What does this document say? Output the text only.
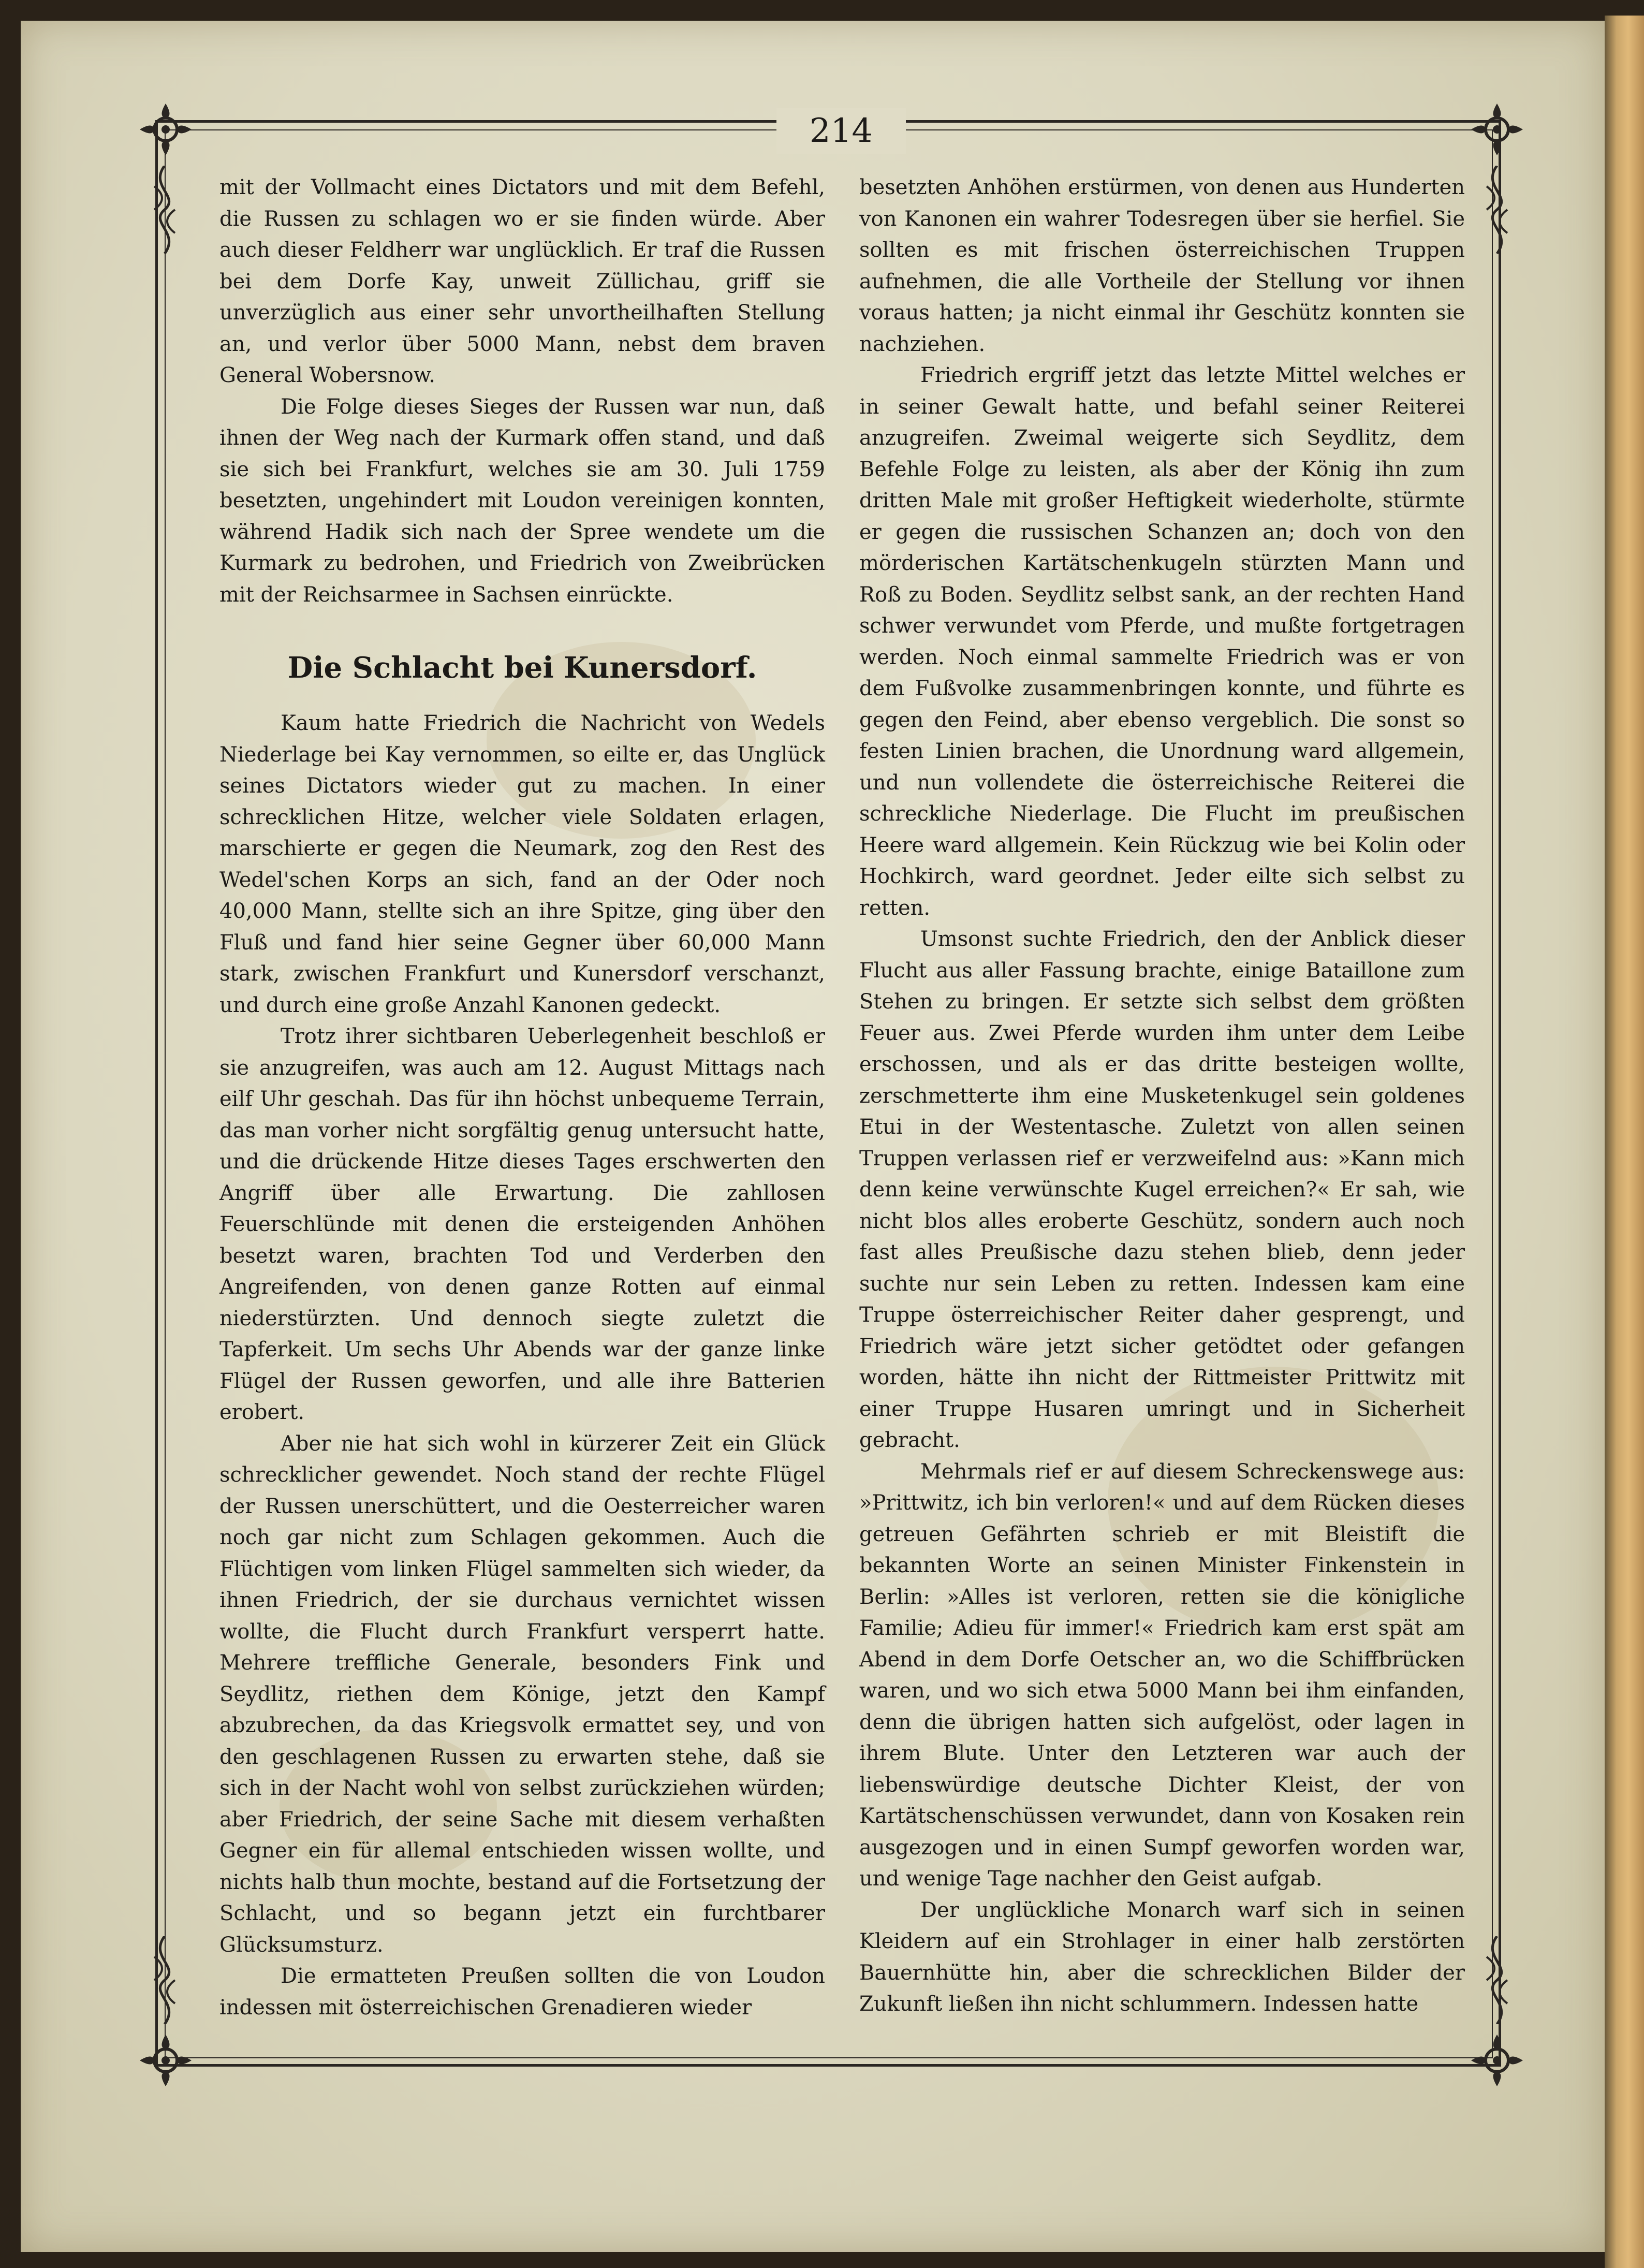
214

mit der Vollmacht eines Dictators und mit dem Befehl, die Russen zu schlagen wo er sie finden würde. Aber auch dieser Feldherr war unglücklich. Er traf die Russen bei dem Dorfe Kay, unweit Züllichau, griff sie unverzüglich aus einer sehr unvortheilhaften Stellung an, und verlor über 5000 Mann, nebst dem braven General Wobersnow.

Die Folge dieses Sieges der Russen war nun, daß ihnen der Weg nach der Kurmark offen stand, und daß sie sich bei Frankfurt, welches sie am 30. Juli 1759 besetzten, ungehindert mit Loudon vereinigen konnten, während Hadik sich nach der Spree wendete um die Kurmark zu bedrohen, und Friedrich von Zweibrücken mit der Reichsarmee in Sachsen einrückte.

Die Schlacht bei Kunersdorf.

Kaum hatte Friedrich die Nachricht von Wedels Niederlage bei Kay vernommen, so eilte er, das Unglück seines Dictators wieder gut zu machen. In einer schrecklichen Hitze, welcher viele Soldaten erlagen, marschierte er gegen die Neumark, zog den Rest des Wedel'schen Korps an sich, fand an der Oder noch 40,000 Mann, stellte sich an ihre Spitze, ging über den Fluß und fand hier seine Gegner über 60,000 Mann stark, zwischen Frankfurt und Kunersdorf verschanzt, und durch eine große Anzahl Kanonen gedeckt.

Trotz ihrer sichtbaren Ueberlegenheit beschloß er sie anzugreifen, was auch am 12. August Mittags nach eilf Uhr geschah. Das für ihn höchst unbequeme Terrain, das man vorher nicht sorgfältig genug untersucht hatte, und die drückende Hitze dieses Tages erschwerten den Angriff über alle Erwartung. Die zahllosen Feuerschlünde mit denen die ersteigenden Anhöhen besetzt waren, brachten Tod und Verderben den Angreifenden, von denen ganze Rotten auf einmal niederstürzten. Und dennoch siegte zuletzt die Tapferkeit. Um sechs Uhr Abends war der ganze linke Flügel der Russen geworfen, und alle ihre Batterien erobert.

Aber nie hat sich wohl in kürzerer Zeit ein Glück schrecklicher gewendet. Noch stand der rechte Flügel der Russen unerschüttert, und die Oesterreicher waren noch gar nicht zum Schlagen gekommen. Auch die Flüchtigen vom linken Flügel sammelten sich wieder, da ihnen Friedrich, der sie durchaus vernichtet wissen wollte, die Flucht durch Frankfurt versperrt hatte. Mehrere treffliche Generale, besonders Fink und Seydlitz, riethen dem Könige, jetzt den Kampf abzubrechen, da das Kriegsvolk ermattet sey, und von den geschlagenen Russen zu erwarten stehe, daß sie sich in der Nacht wohl von selbst zurückziehen würden; aber Friedrich, der seine Sache mit diesem verhaßten Gegner ein für allemal entschieden wissen wollte, und nichts halb thun mochte, bestand auf die Fortsetzung der Schlacht, und so begann jetzt ein furchtbarer Glücksumsturz.

Die ermatteten Preußen sollten die von Loudon indessen mit österreichischen Grenadieren wieder

besetzten Anhöhen erstürmen, von denen aus Hunderten von Kanonen ein wahrer Todesregen über sie herfiel. Sie sollten es mit frischen österreichischen Truppen aufnehmen, die alle Vortheile der Stellung vor ihnen voraus hatten; ja nicht einmal ihr Geschütz konnten sie nachziehen.

Friedrich ergriff jetzt das letzte Mittel welches er in seiner Gewalt hatte, und befahl seiner Reiterei anzugreifen. Zweimal weigerte sich Seydlitz, dem Befehle Folge zu leisten, als aber der König ihn zum dritten Male mit großer Heftigkeit wiederholte, stürmte er gegen die russischen Schanzen an; doch von den mörderischen Kartätschenkugeln stürzten Mann und Roß zu Boden. Seydlitz selbst sank, an der rechten Hand schwer verwundet vom Pferde, und mußte fortgetragen werden. Noch einmal sammelte Friedrich was er von dem Fußvolke zusammenbringen konnte, und führte es gegen den Feind, aber ebenso vergeblich. Die sonst so festen Linien brachen, die Unordnung ward allgemein, und nun vollendete die österreichische Reiterei die schreckliche Niederlage. Die Flucht im preußischen Heere ward allgemein. Kein Rückzug wie bei Kolin oder Hochkirch, ward geordnet. Jeder eilte sich selbst zu retten.

Umsonst suchte Friedrich, den der Anblick dieser Flucht aus aller Fassung brachte, einige Bataillone zum Stehen zu bringen. Er setzte sich selbst dem größten Feuer aus. Zwei Pferde wurden ihm unter dem Leibe erschossen, und als er das dritte besteigen wollte, zerschmetterte ihm eine Musketenkugel sein goldenes Etui in der Westentasche. Zuletzt von allen seinen Truppen verlassen rief er verzweifelnd aus: »Kann mich denn keine verwünschte Kugel erreichen?« Er sah, wie nicht blos alles eroberte Geschütz, sondern auch noch fast alles Preußische dazu stehen blieb, denn jeder suchte nur sein Leben zu retten. Indessen kam eine Truppe österreichischer Reiter daher gesprengt, und Friedrich wäre jetzt sicher getödtet oder gefangen worden, hätte ihn nicht der Rittmeister Prittwitz mit einer Truppe Husaren umringt und in Sicherheit gebracht.

Mehrmals rief er auf diesem Schreckenswege aus: »Prittwitz, ich bin verloren!« und auf dem Rücken dieses getreuen Gefährten schrieb er mit Bleistift die bekannten Worte an seinen Minister Finkenstein in Berlin: »Alles ist verloren, retten sie die königliche Familie; Adieu für immer!« Friedrich kam erst spät am Abend in dem Dorfe Oetscher an, wo die Schiffbrücken waren, und wo sich etwa 5000 Mann bei ihm einfanden, denn die übrigen hatten sich aufgelöst, oder lagen in ihrem Blute. Unter den Letzteren war auch der liebenswürdige deutsche Dichter Kleist, der von Kartätschenschüssen verwundet, dann von Kosaken rein ausgezogen und in einen Sumpf geworfen worden war, und wenige Tage nachher den Geist aufgab.

Der unglückliche Monarch warf sich in seinen Kleidern auf ein Strohlager in einer halb zerstörten Bauernhütte hin, aber die schrecklichen Bilder der Zukunft ließen ihn nicht schlummern. Indessen hatte
